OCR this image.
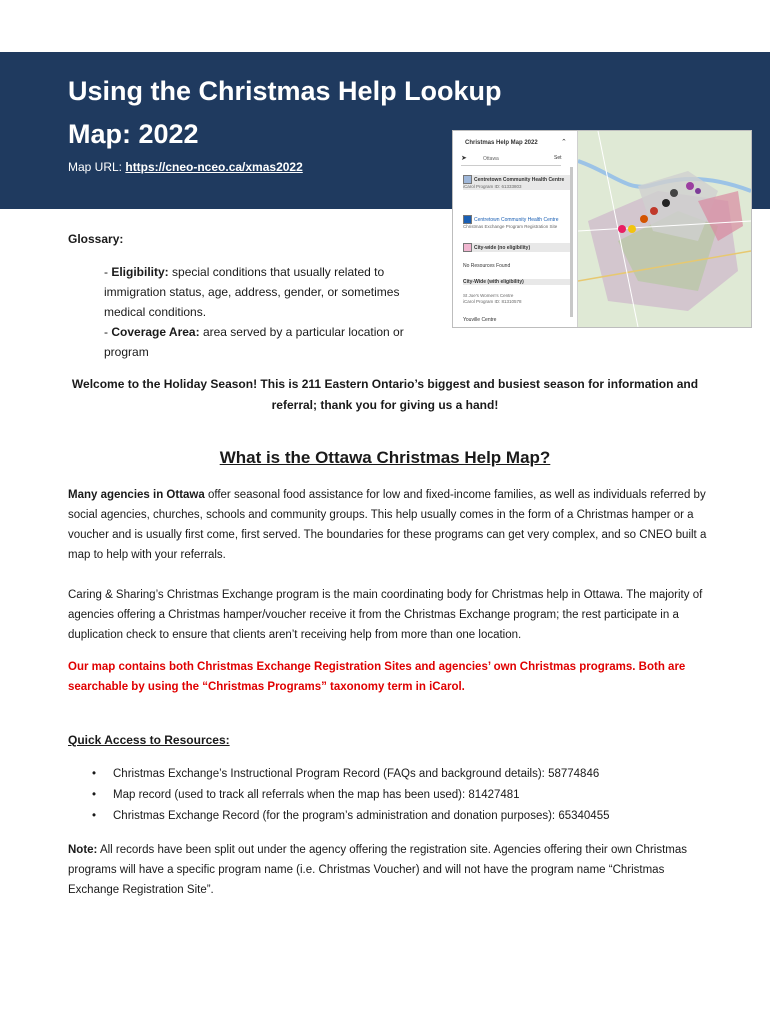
Using the Christmas Help Lookup Map: 2022
Map URL: https://cneo-nceo.ca/xmas2022
Christmas Help Map 2022	⌃
➤	Ottawa	Set
Centretown Community Health Centre
iCarol Program ID: 61333803
Centretown Community Health Centre
Christmas Exchange Program Registration Site
City-wide (no eligibility)
No Resources Found
City-Wide (with eligibility)
St Joe's Women's Centre
iCarol Program ID: 81310578
Youville Centre
Glossary:

- Eligibility: special conditions that usually related to immigration status, age, address, gender, or sometimes medical conditions.

- Coverage Area: area served by a particular location or program

Welcome to the Holiday Season! This is 211 Eastern Ontario’s biggest and busiest season for information and referral; thank you for giving us a hand!
What is the Ottawa Christmas Help Map?

Many agencies in Ottawa offer seasonal food assistance for low and fixed-income families, as well as individuals referred by social agencies, churches, schools and community groups. This help usually comes in the form of a Christmas hamper or a voucher and is usually first come, first served. The boundaries for these programs can get very complex, and so CNEO built a map to help with your referrals.

Caring & Sharing’s Christmas Exchange program is the main coordinating body for Christmas help in Ottawa. The majority of agencies offering a Christmas hamper/voucher receive it from the Christmas Exchange program; the rest participate in a duplication check to ensure that clients aren’t receiving help from more than one location.

Our map contains both Christmas Exchange Registration Sites and agencies’ own Christmas programs. Both are searchable by using the “Christmas Programs” taxonomy term in iCarol.

Quick Access to Resources:
• Christmas Exchange’s Instructional Program Record (FAQs and background details): 58774846
• Map record (used to track all referrals when the map has been used): 81427481
• Christmas Exchange Record (for the program’s administration and donation purposes): 65340455

Note: All records have been split out under the agency offering the registration site. Agencies offering their own Christmas programs will have a specific program name (i.e. Christmas Voucher) and will not have the program name “Christmas Exchange Registration Site”.
